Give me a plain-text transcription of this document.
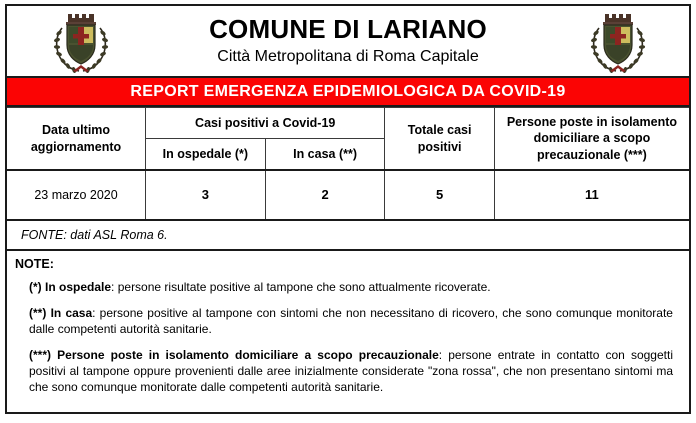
COMUNE DI LARIANO
Città Metropolitana di Roma Capitale
REPORT EMERGENZA EPIDEMIOLOGICA DA COVID-19
Data ultimo aggiornamento	Casi positivi a Covid-19		Totale casi positivi	Persone poste in isolamento domiciliare a scopo precauzionale (***)
	In ospedale (*)	In casa (**)		
23 marzo 2020	3	2	5	11
FONTE: dati ASL Roma 6.
NOTE:

(*) In ospedale: persone risultate positive al tampone che sono attualmente ricoverate.

(**) In casa: persone positive al tampone con sintomi che non necessitano di ricovero, che sono comunque monitorate dalle competenti autorità sanitarie.

(***) Persone poste in isolamento domiciliare a scopo precauzionale: persone entrate in contatto con soggetti positivi al tampone oppure provenienti dalle aree inizialmente considerate "zona rossa", che non presentano sintomi ma che sono comunque monitorate dalle competenti autorità sanitarie.
